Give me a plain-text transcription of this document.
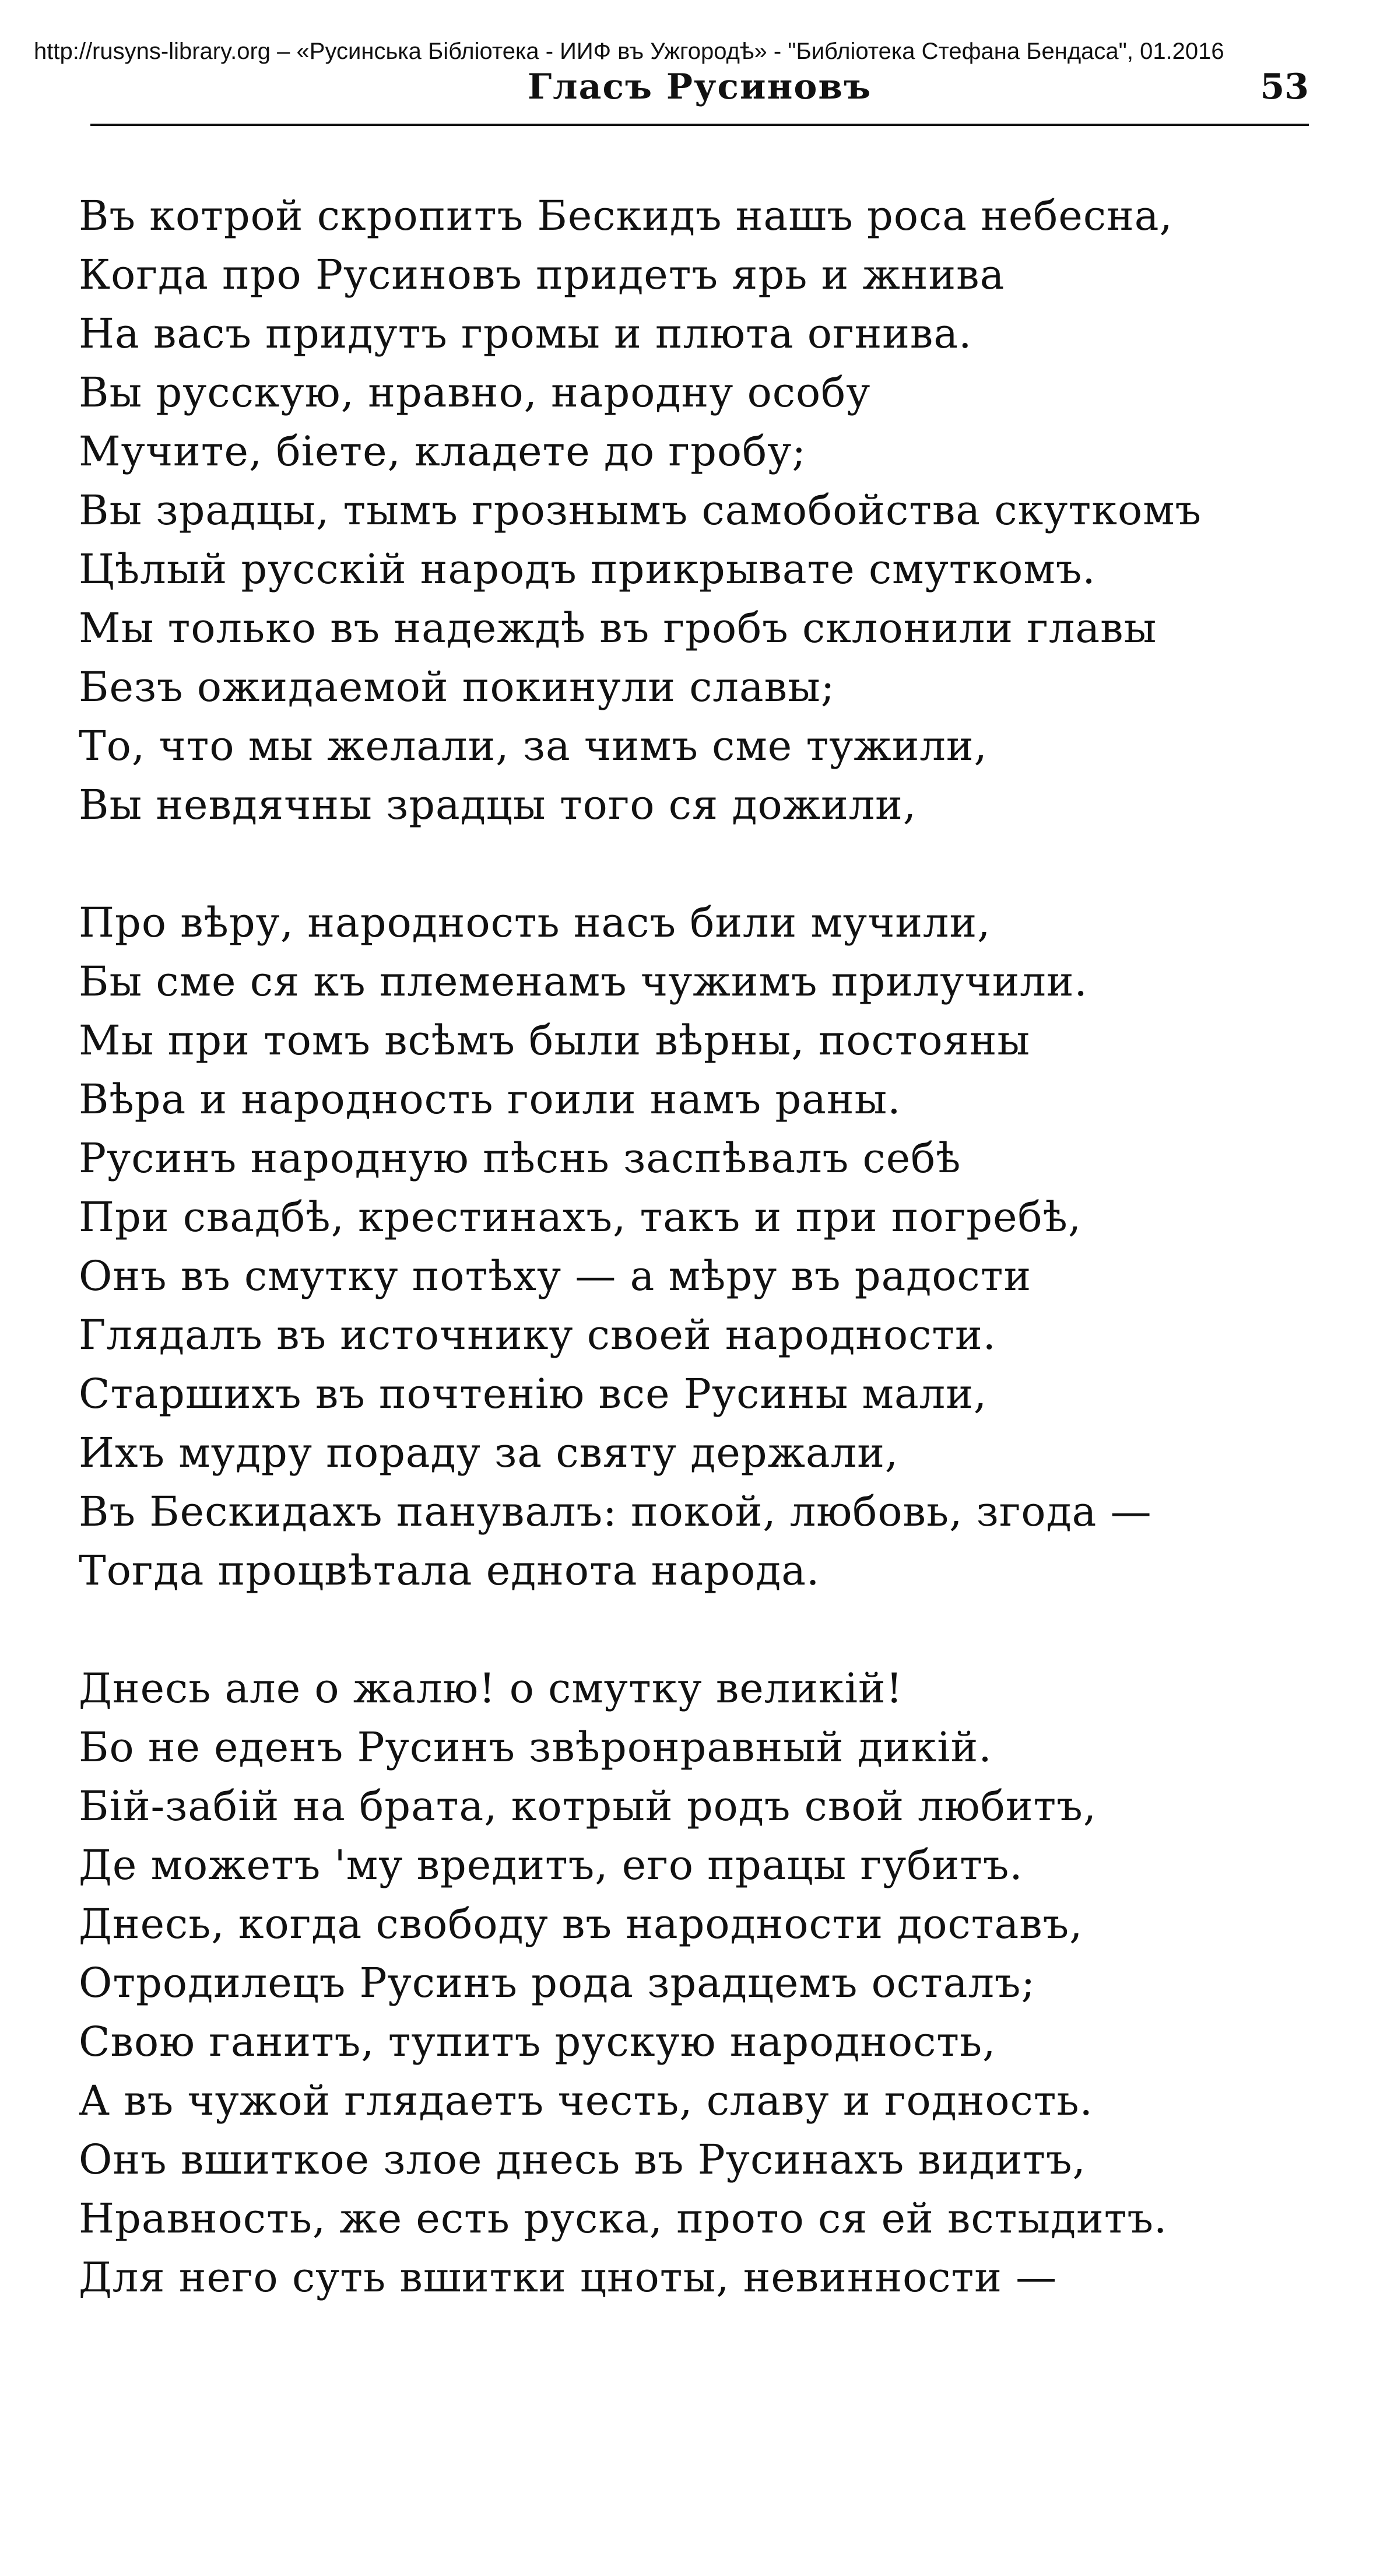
http://rusyns-library.org – «Русинська Бібліотека - ИИФ въ Ужгородѣ» - "Библіотека Стефана Бендаса", 01.2016
Гласъ Русиновъ	53
Въ котрой скропитъ Бескидъ нашъ роса небесна,
Когда про Русиновъ придетъ ярь и жнива
На васъ придутъ громы и плюта огнива.
Вы русскую, нравно, народну особу
Мучите, біете, кладете до гробу;
Вы зрадцы, тымъ грознымъ самобойства скуткомъ
Цѣлый русскій народъ прикрывате смуткомъ.
Мы только въ надеждѣ въ гробъ склонили главы
Безъ ожидаемой покинули славы;
То, что мы желали, за чимъ сме тужили,
Вы невдячны зрадцы того ся дожили,
Про вѣру, народность насъ били мучили,
Бы сме ся къ племенамъ чужимъ прилучили.
Мы при томъ всѣмъ были вѣрны, постояны
Вѣра и народность гоили намъ раны.
Русинъ народную пѣснь заспѣвалъ себѣ
При свадбѣ, крестинахъ, такъ и при погребѣ,
Онъ въ смутку потѣху — а мѣру въ радости
Глядалъ въ источнику своей народности.
Старшихъ въ почтенію все Русины мали,
Ихъ мудру пораду за святу держали,
Въ Бескидахъ панувалъ: покой, любовь, згода —
Тогда процвѣтала еднота народа.
Днесь але о жалю! о смутку великій!
Бо не еденъ Русинъ звѣронравный дикій.
Бій-забій на брата, котрый родъ свой любитъ,
Де можетъ 'му вредитъ, его працы губитъ.
Днесь, когда свободу въ народности доставъ,
Отродилецъ Русинъ рода зрадцемъ осталъ;
Свою ганитъ, тупитъ рускую народность,
А въ чужой глядаетъ честь, славу и годность.
Онъ вшиткое злое днесь въ Русинахъ видитъ,
Нравность, же есть руска, прото ся ей встыдитъ.
Для него суть вшитки цноты, невинности —
